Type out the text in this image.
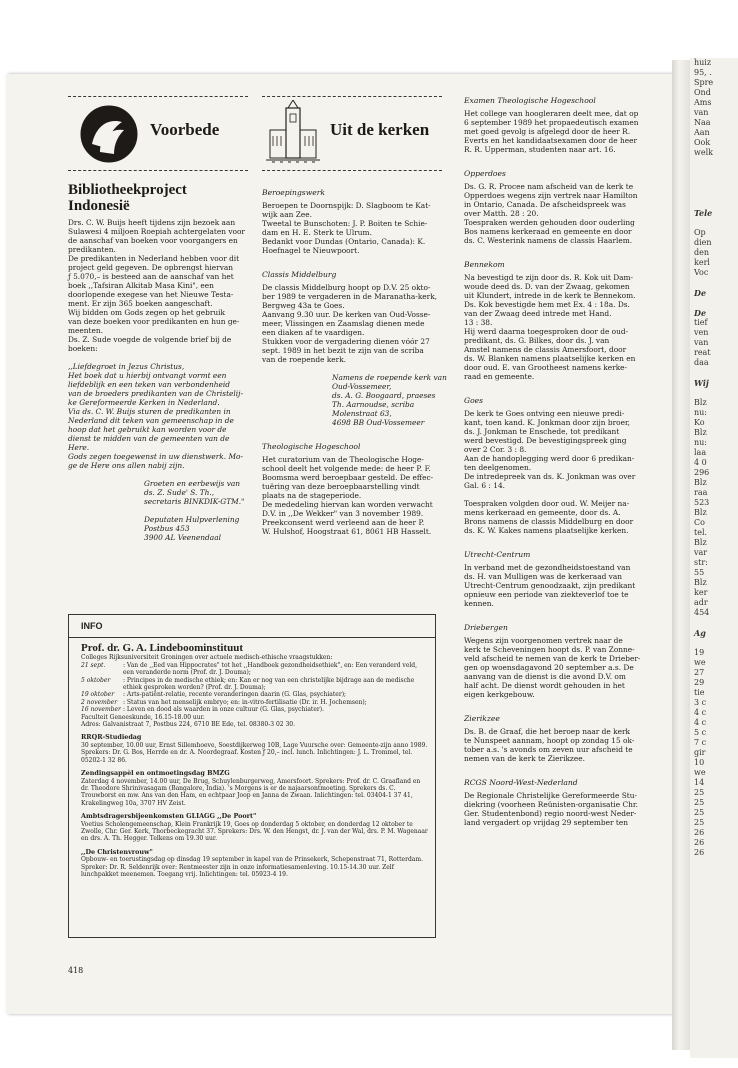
huiz
95, .
Spre
Ond
Ams
van
Naa
Aan
Ook
welk

Tele

Op
dien
den
kerl
Voc

De

De
tief
ven
van
reat
daa

Wij

Blz
nu:
Ko
Blz
nu:
laa
4 0
296
Blz
raa
523
Blz
Co
tel.
Blz
var
str:
55
Blz
ker
adr
454

Ag

19
we
27
29
tie
3 c
4 c
4 c
5 c
7 c
gir
10
we
14
25
25
25
25
26
26
26
Voorbede	Uit de kerken
Bibliotheekproject
Indonesië
Drs. C. W. Buijs heeft tijdens zijn bezoek aan
Sulawesi 4 miljoen Roepiah achtergelaten voor
de aanschaf van boeken voor voorgangers en
predikanten.
De predikanten in Nederland hebben voor dit
project geld gegeven. De opbrengst hiervan
ƒ 5.070,– is besteed aan de aanschaf van het
boek ,,Tafsiran Alkitab Masa Kini", een
doorlopende exegese van het Nieuwe Testa-
ment. Er zijn 365 boeken aangeschaft.
Wij bidden om Gods zegen op het gebruik
van deze boeken voor predikanten en hun ge-
meenten.
Ds. Z. Sude voegde de volgende brief bij de
boeken:
,,Liefdegroet in Jezus Christus,
Het boek dat u hierbij ontvangt vormt een
liefdeblijk en een teken van verbondenheid
van de broeders predikanten van de Christelij-
ke Gereformeerde Kerken in Nederland.
Via ds. C. W. Buijs sturen de predikanten in
Nederland dit teken van gemeenschap in de
hoop dat het gebruikt kan worden voor de
dienst te midden van de gemeenten van de
Here.
Gods zegen toegewenst in uw dienstwerk. Mo-
ge de Here ons allen nabij zijn.
Groeten en eerbewijs van
ds. Z. Sude' S. Th.,
secretaris BINKDIK-GTM."
Deputaten Hulpverlening
Postbus 453
3900 AL Veenendaal
Beroepingswerk
Beroepen te Doornspijk: D. Slagboom te Kat-
wijk aan Zee.
Tweetal te Bunschoten: J. P. Boiten te Schie-
dam en H. E. Sterk te Ulrum.
Bedankt voor Dundas (Ontario, Canada): K.
Hoefnagel te Nieuwpoort.
Classis Middelburg
De classis Middelburg hoopt op D.V. 25 okto-
ber 1989 te vergaderen in de Maranatha-kerk,
Bergweg 43a te Goes.
Aanvang 9.30 uur. De kerken van Oud-Vosse-
meer, Vlissingen en Zaamslag dienen mede
een diaken af te vaardigen.
Stukken voor de vergadering dienen vóór 27
sept. 1989 in het bezit te zijn van de scriba
van de roepende kerk.
Namens de roepende kerk van
Oud-Vossemeer,
ds. A. G. Boogaard, praeses
Th. Aarnoudse, scriba
Molenstraat 63,
4698 BB Oud-Vossemeer
Theologische Hogeschool
Het curatorium van de Theologische Hoge-
school deelt het volgende mede: de heer P. F.
Boomsma werd beroepbaar gesteld. De effec-
tuëring van deze beroepbaarstelling vindt
plaats na de stageperiode.
De mededeling hiervan kan worden verwacht
D.V. in ,,De Wekker" van 3 november 1989.
Preekconsent werd verleend aan de heer P.
W. Hulshof, Hoogstraat 61, 8061 HB Hasselt.
Examen Theologische Hogeschool
Het college van hoogleraren deelt mee, dat op
6 september 1989 het propaedeutisch examen
met goed gevolg is afgelegd door de heer R.
Everts en het kandidaatsexamen door de heer
R. R. Upperman, studenten naar art. 16.
Opperdoes
Ds. G. R. Procee nam afscheid van de kerk te
Opperdoes wegens zijn vertrek naar Hamilton
in Ontario, Canada. De afscheidspreek was
over Matth. 28 : 20.
Toespraken werden gehouden door ouderling
Bos namens kerkeraad en gemeente en door
ds. C. Westerink namens de classis Haarlem.
Bennekom
Na bevestigd te zijn door ds. R. Kok uit Dam-
woude deed ds. D. van der Zwaag, gekomen
uit Klundert, intrede in de kerk te Bennekom.
Ds. Kok bevestigde hem met Ex. 4 : 18a. Ds.
van der Zwaag deed intrede met Hand.
13 : 38.
Hij werd daarna toegesproken door de oud-
predikant, ds. G. Bilkes, door ds. J. van
Amstel namens de classis Amersfoort, door
ds. W. Blanken namens plaatselijke kerken en
door oud. E. van Grootheest namens kerke-
raad en gemeente.
Goes
De kerk te Goes ontving een nieuwe predi-
kant, toen kand. K. Jonkman door zijn broer,
ds. J. Jonkman te Enschede, tot predikant
werd bevestigd. De bevestigingspreek ging
over 2 Cor. 3 : 8.
Aan de handoplegging werd door 6 predikan-
ten deelgenomen.
De intredepreek van ds. K. Jonkman was over
Gal. 6 : 14.

Toespraken volgden door oud. W. Meijer na-
mens kerkeraad en gemeente, door ds. A.
Brons namens de classis Middelburg en door
ds. K. W. Kakes namens plaatselijke kerken.
Utrecht-Centrum
In verband met de gezondheidstoestand van
ds. H. van Mulligen was de kerkeraad van
Utrecht-Centrum genoodzaakt, zijn predikant
opnieuw een periode van ziekteverlof toe te
kennen.
Driebergen
Wegens zijn voorgenomen vertrek naar de
kerk te Scheveningen hoopt ds. P. van Zonne-
veld afscheid te nemen van de kerk te Drieber-
gen op woensdagavond 20 september a.s. De
aanvang van de dienst is die avond D.V. om
half acht. De dienst wordt gehouden in het
eigen kerkgebouw.
Zierikzee
Ds. B. de Graaf, die het beroep naar de kerk
te Nunspeet aannam, hoopt op zondag 15 ok-
tober a.s. 's avonds om zeven uur afscheid te
nemen van de kerk te Zierikzee.
RCGS Noord-West-Nederland
De Regionale Christelijke Gereformeerde Stu-
diekring (voorheen Reünisten-organisatie Chr.
Ger. Studentenbond) regio noord-west Neder-
land vergadert op vrijdag 29 september ten
INFO
Prof. dr. G. A. Lindeboominstituut
Colleges Rijksuniversiteit Groningen over actuele medisch-ethische vraagstukken:
21 sept.	: Van de ,,Eed van Hippocrates" tot het ,,Handboek gezondheidsethiek", en: Een veranderd veld, een veranderde norm (Prof. dr. J. Douma);
5 oktober	: Principes in de medische ethiek; en: Kan er nog van een christelijke bijdrage aan de medische ethiek gesproken worden? (Prof. dr. J. Douma);
19 oktober	: Arts-patiënt-relatie, recente veranderingen daarin (G. Glas, psychiater);
2 november : Status van het menselijk embryo; en: in-vitro-fertilisatie (Dr. ir. H. Jochemsen);
16 november : Leven en dood als waarden in onze cultuur (G. Glas, psychiater).
Faculteit Geneeskunde, 16.15-18.00 uur.
Adres: Galvanistraat 7, Postbus 224, 6710 BE Ede, tel. 08380-3 02 30.
RRQR-Studiedag
30 september, 10.00 uur, Ernst Sillemhoeve, Soestdijkerweg 10B, Lage Vuursche over: Gemeente-zijn anno 1989. Sprekers: Dr. G. Bos, Herrde en dr. A. Noordegraaf. Kosten ƒ 20,– incl. lunch. Inlichtingen: J. L. Trommel, tel. 05202-1 32 86.
Zendingsappèl en ontmoetingsdag BMZG
Zaterdag 4 november, 14.00 uur, De Brug, Schuylenburgerweg, Amersfoort. Sprekers: Prof. dr. C. Graafland en dr. Theodore Shrinivasagam (Bangalore, India). 's Morgens is er de najaarsontmoeting. Sprekers ds. C. Trouwborst en mw. Ans van den Ham, en echtpaar Joop en Janna de Zwaan. Inlichtingen: tel. 03404-1 37 41, Krakelingweg 10a, 3707 HV Zeist.
Ambtsdragersbijeenkomsten GLIAGG ,,De Poort"
Voetius Scholengemeenschap, Klein Frankrijk 19, Goes op donderdag 5 oktober, en donderdag 12 oktober te Zwolle, Chr. Ger. Kerk, Thorbeckegracht 37. Sprekers: Drs. W. den Hengst, dr. J. van der Wal, drs. P. M. Wagenaar en drs. A. Th. Hegger. Telkens om 19.30 uur.
,,De Christenvrouw"
Opbouw- en toerustingsdag op dinsdag 19 september in kapel van de Prinsekerk, Schepenstraat 71, Rotterdam. Spreker: Dr. R. Seldenrijk over: Rentmeester zijn in onze informatiesamenleving. 10.15-14.30 uur. Zelf lunchpakket meenemen. Toegang vrij. Inlichtingen: tel. 05923-4 19.
418
